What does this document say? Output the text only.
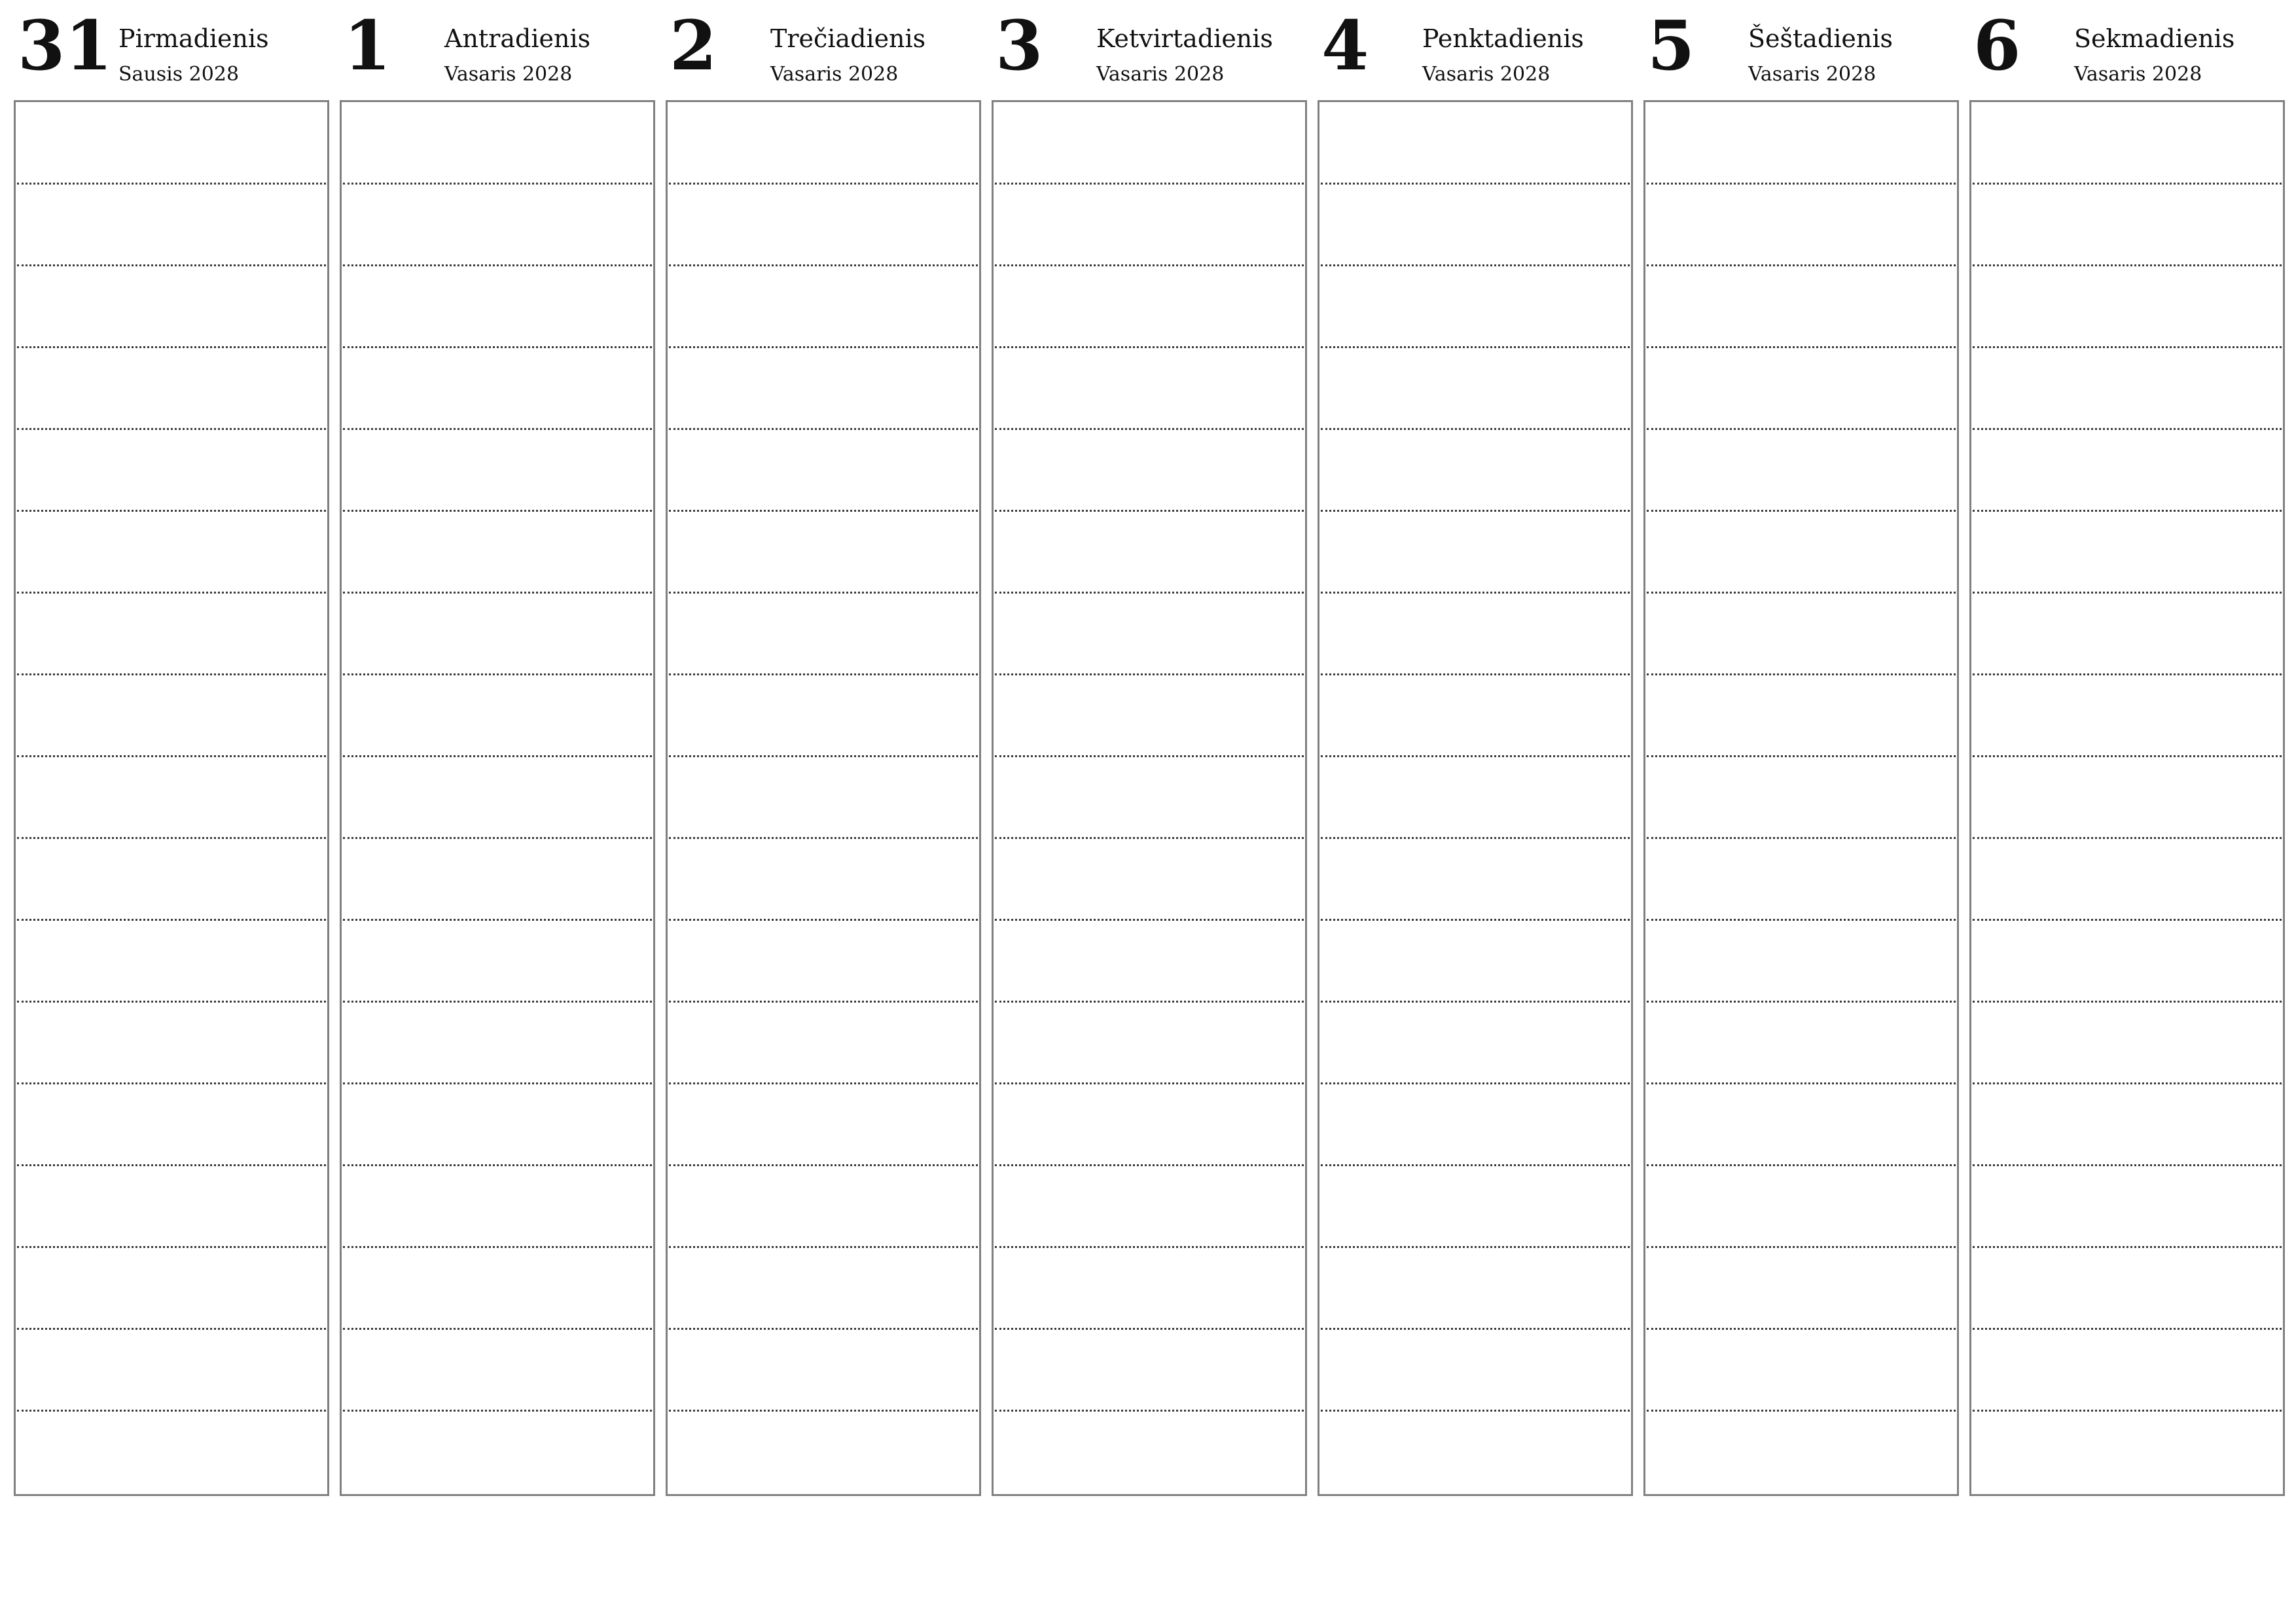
31 Pirmadienis
Sausis 2028 1 Antradienis
Vasaris 2028 2 Trečiadienis
Vasaris 2028 3 Ketvirtadienis
Vasaris 2028 4 Penktadienis
Vasaris 2028 5 Šeštadienis
Vasaris 2028 6 Sekmadienis
Vasaris 2028
